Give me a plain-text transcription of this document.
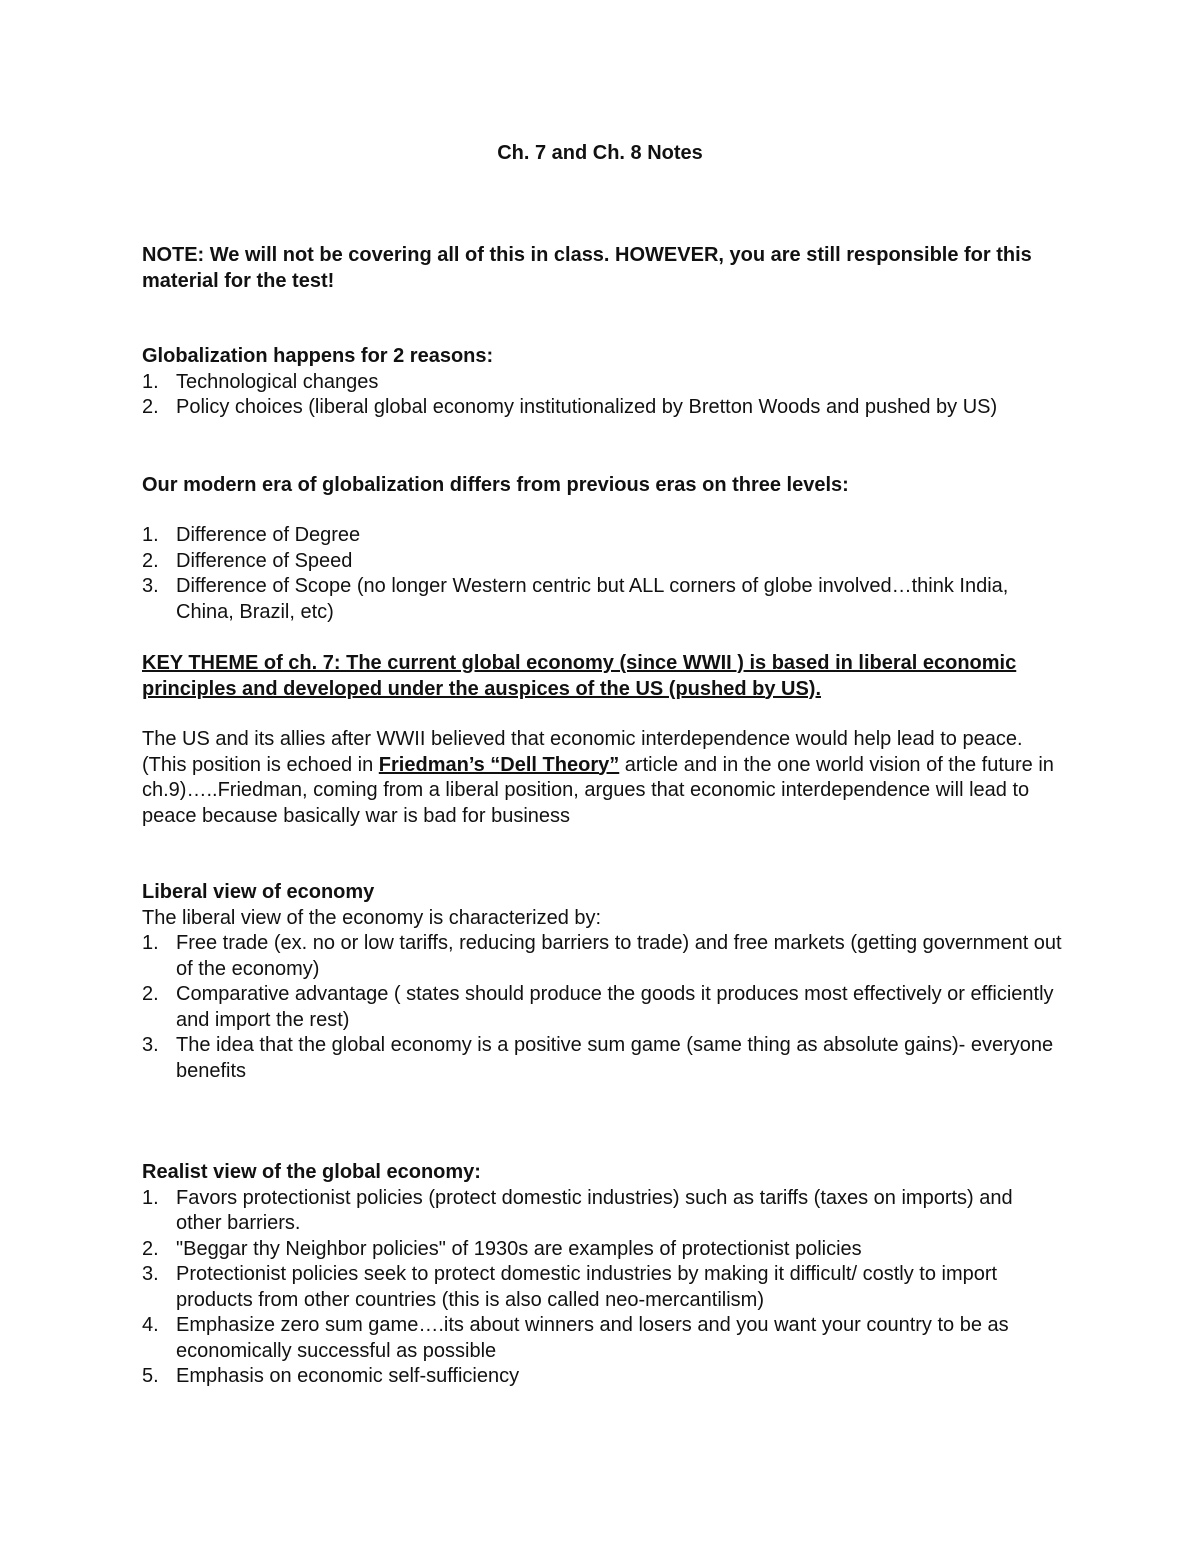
Ch. 7 and Ch. 8 Notes

NOTE: We will not be covering all of this in class. HOWEVER, you are still responsible for this material for the test!

Globalization happens for 2 reasons:

1. Technological changes
2. Policy choices (liberal global economy institutionalized by Bretton Woods and pushed by US)

Our modern era of globalization differs from previous eras on three levels:

1. Difference of Degree
2. Difference of Speed
3. Difference of Scope (no longer Western centric but ALL corners of globe involved…think India, China, Brazil, etc)

KEY THEME of ch. 7: The current global economy (since WWII ) is based in liberal economic principles and developed under the auspices of the US (pushed by US).

The US and its allies after WWII believed that economic interdependence would help lead to peace. (This position is echoed in Friedman’s “Dell Theory” article and in the one world vision of the future in ch.9)…..Friedman, coming from a liberal position, argues that economic interdependence will lead to peace because basically war is bad for business

Liberal view of economy

The liberal view of the economy is characterized by:

1. Free trade (ex. no or low tariffs, reducing barriers to trade) and free markets (getting government out of the economy)
2. Comparative advantage ( states should produce the goods it produces most effectively or efficiently and import the rest)
3. The idea that the global economy is a positive sum game (same thing as absolute gains)- everyone benefits

Realist view of the global economy:

1. Favors protectionist policies (protect domestic industries) such as tariffs (taxes on imports) and other barriers.
2. "Beggar thy Neighbor policies" of 1930s are examples of protectionist policies
3. Protectionist policies seek to protect domestic industries by making it difficult/ costly to import products from other countries (this is also called neo-mercantilism)
4. Emphasize zero sum game….its about winners and losers and you want your country to be as economically successful as possible
5. Emphasis on economic self-sufficiency
